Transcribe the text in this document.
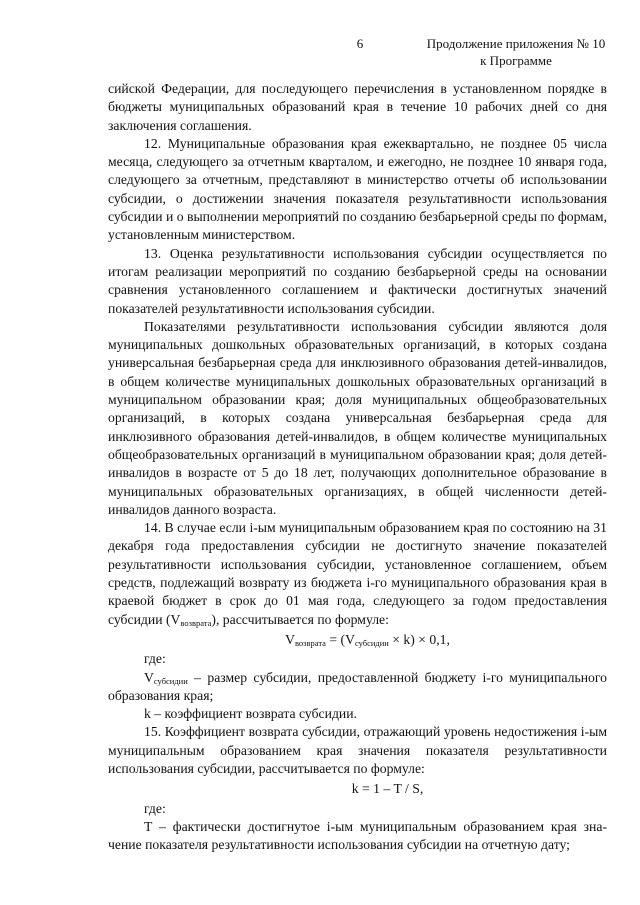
6	Продолжение приложения № 10
к Программе

сийской Федерации, для последующего перечисления в установленном порядке в бюджеты муниципальных образований края в течение 10 рабочих дней со дня заключения соглашения.

12. Муниципальные образования края ежеквартально, не позднее 05 числа месяца, следующего за отчетным кварталом, и ежегодно, не позднее 10 января года, следующего за отчетным, представляют в министерство отчеты об использовании субсидии, о достижении значения показателя результативности использования субсидии и о выполнении мероприятий по созданию безбарьерной среды по формам, установленным министерством.

13. Оценка результативности использования субсидии осуществляется по итогам реализации мероприятий по созданию безбарьерной среды на основании сравнения установленного соглашением и фактически достигнутых значений показателей результативности использования субсидии.

Показателями результативности использования субсидии являются доля муниципальных дошкольных образовательных организаций, в которых создана универсальная безбарьерная среда для инклюзивного образования детей-инвалидов, в общем количестве муниципальных дошкольных образовательных организаций в муниципальном образовании края; доля муниципальных общеобразовательных организаций, в которых создана универсальная безбарьерная среда для инклюзивного образования детей-инвалидов, в общем количестве муниципальных общеобразовательных организаций в муниципальном образовании края; доля детей-инвалидов в возрасте от 5 до 18 лет, получающих дополнительное образование в муниципальных образовательных организациях, в общей численности детей-инвалидов данного возраста.

14. В случае если i-ым муниципальным образованием края по состоянию на 31 декабря года предоставления субсидии не достигнуто значение показателей результативности использования субсидии, установленное соглашением, объем средств, подлежащий возврату из бюджета i-го муниципального образования края в краевой бюджет в срок до 01 мая года, следующего за годом предоставления субсидии $(V_{возврата})$, рассчитывается по формуле:

$V_{возврата} = (V_{субсидии} \times k) \times 0,1$,

где:

$V_{субсидии}$ – размер субсидии, предоставленной бюджету i-го муниципального образования края;

k – коэффициент возврата субсидии.

15. Коэффициент возврата субсидии, отражающий уровень недостижения i-ым муниципальным образованием края значения показателя результативности использования субсидии, рассчитывается по формуле:

k = 1 – T / S,

где:

T – фактически достигнутое i-ым муниципальным образованием края значение показателя результативности использования субсидии на отчетную дату;
